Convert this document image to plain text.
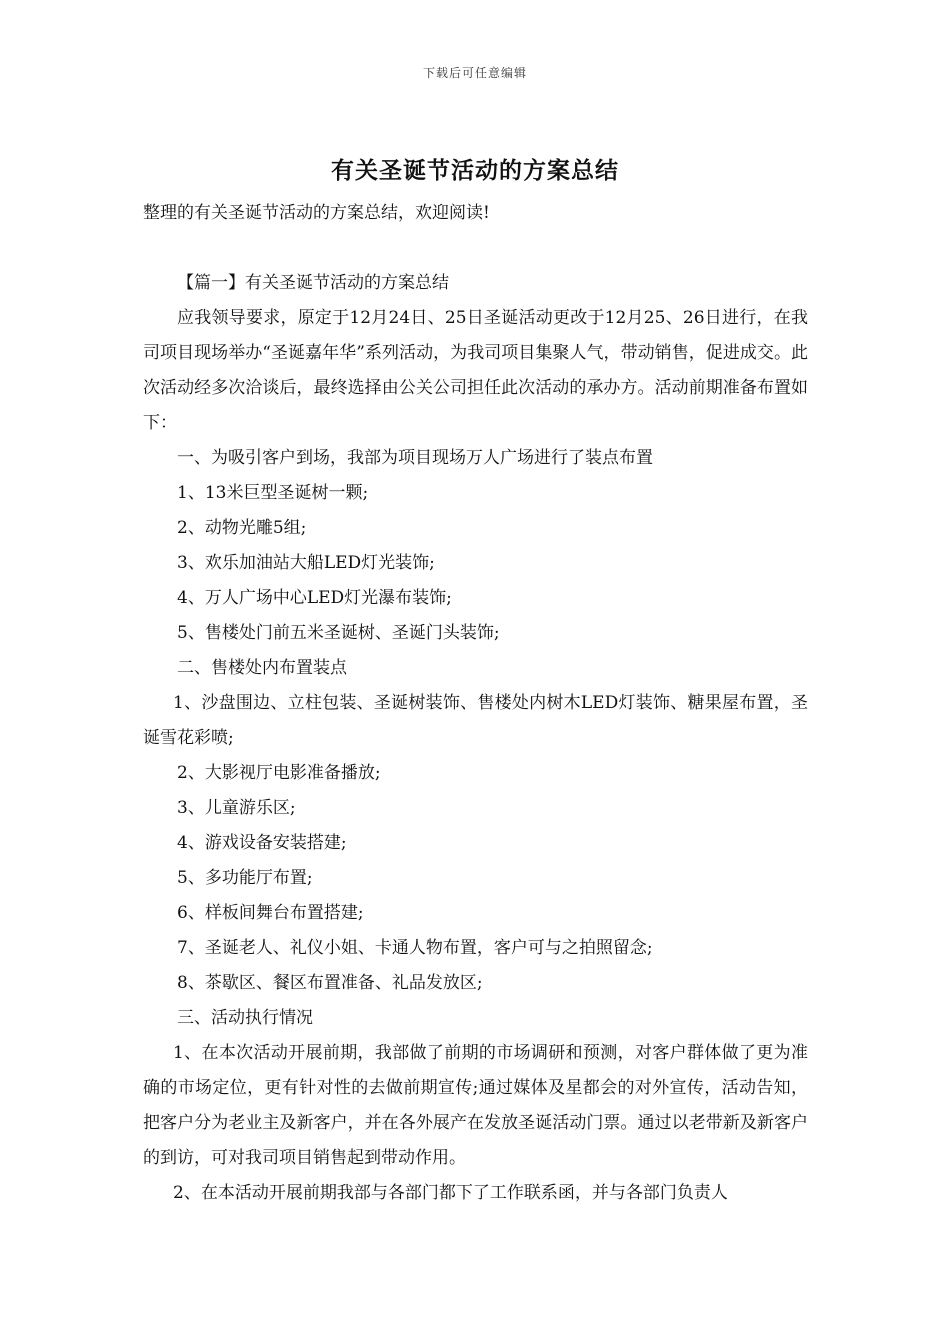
下载后可任意编辑
有关圣诞节活动的方案总结

整理的有关圣诞节活动的方案总结，欢迎阅读!

【篇一】有关圣诞节活动的方案总结

应我领导要求，原定于12月24日、25日圣诞活动更改于12月25、26日进行，在我司项目现场举办“圣诞嘉年华”系列活动，为我司项目集聚人气，带动销售，促进成交。此次活动经多次洽谈后，最终选择由公关公司担任此次活动的承办方。活动前期准备布置如下：

一、为吸引客户到场，我部为项目现场万人广场进行了装点布置

1、13米巨型圣诞树一颗;

2、动物光雕5组;

3、欢乐加油站大船LED灯光装饰;

4、万人广场中心LED灯光瀑布装饰;

5、售楼处门前五米圣诞树、圣诞门头装饰;

二、售楼处内布置装点

1、沙盘围边、立柱包装、圣诞树装饰、售楼处内树木LED灯装饰、糖果屋布置，圣诞雪花彩喷;

2、大影视厅电影准备播放;

3、儿童游乐区;

4、游戏设备安装搭建;

5、多功能厅布置;

6、样板间舞台布置搭建;

7、圣诞老人、礼仪小姐、卡通人物布置，客户可与之拍照留念;

8、茶歇区、餐区布置准备、礼品发放区;

三、活动执行情况

1、在本次活动开展前期，我部做了前期的市场调研和预测，对客户群体做了更为准确的市场定位，更有针对性的去做前期宣传;通过媒体及星都会的对外宣传，活动告知，把客户分为老业主及新客户，并在各外展产在发放圣诞活动门票。通过以老带新及新客户的到访，可对我司项目销售起到带动作用。

2、在本活动开展前期我部与各部门都下了工作联系函，并与各部门负责人
